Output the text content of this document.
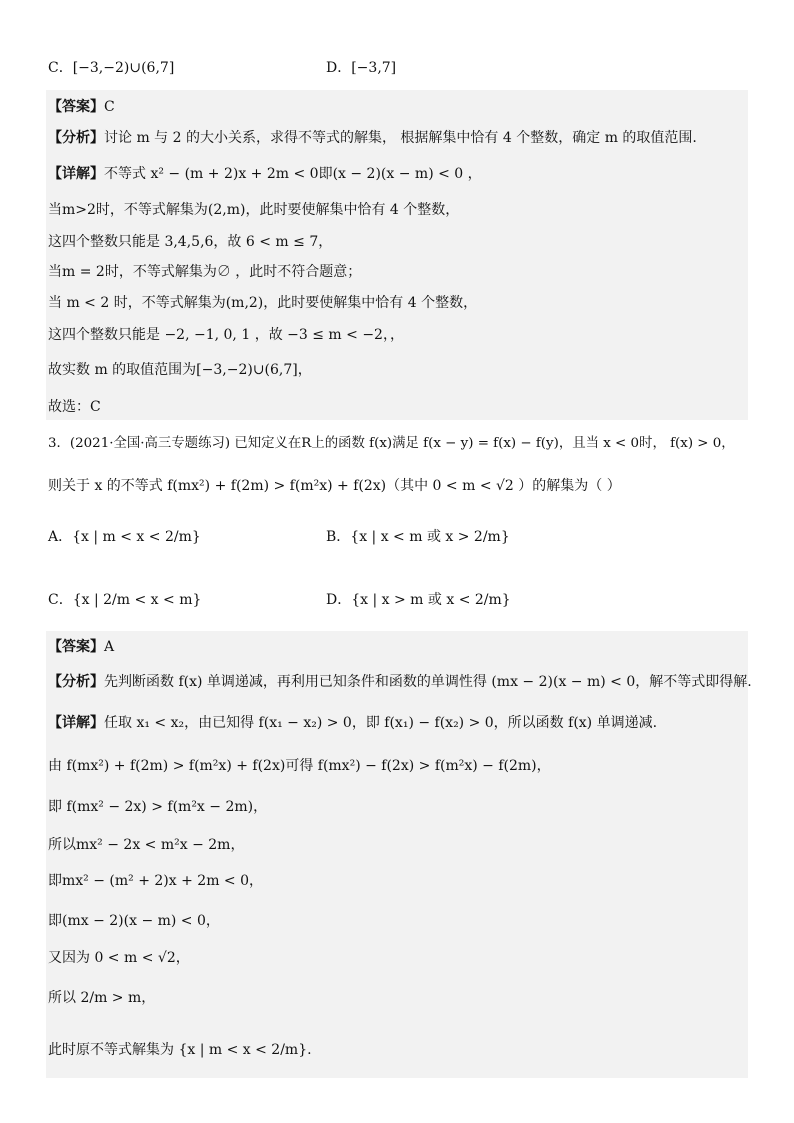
C．[−3,−2)∪(6,7]	D．[−3,7]
【答案】C
【分析】讨论 m 与 2 的大小关系，求得不等式的解集， 根据解集中恰有 4 个整数，确定 m 的取值范围.
【详解】不等式 x² − (m + 2)x + 2m < 0即(x − 2)(x − m) < 0 ，
当m>2时，不等式解集为(2,m)，此时要使解集中恰有 4 个整数，
这四个整数只能是 3,4,5,6，故 6 < m ≤ 7，
当m = 2时，不等式解集为∅ ，此时不符合题意；
当 m < 2 时，不等式解集为(m,2)，此时要使解集中恰有 4 个整数，
这四个整数只能是 −2, −1, 0, 1 ，故 −3 ≤ m < −2，，
故实数 m 的取值范围为[−3,−2)∪(6,7]，
故选：C
3．(2021·全国·高三专题练习) 已知定义在R上的函数 f(x)满足 f(x − y) = f(x) − f(y)，且当 x < 0时， f(x) > 0，
则关于 x 的不等式 f(mx²) + f(2m) > f(m²x) + f(2x)（其中 0 < m < √2 ）的解集为（ ）
A．{x | m < x < 2/m}	B．{x | x < m 或 x > 2/m}
C．{x | 2/m < x < m}	D．{x | x > m 或 x < 2/m}
【答案】A
【分析】先判断函数 f(x) 单调递减，再利用已知条件和函数的单调性得 (mx − 2)(x − m) < 0，解不等式即得解.
【详解】任取 x₁ < x₂，由已知得 f(x₁ − x₂) > 0，即 f(x₁) − f(x₂) > 0，所以函数 f(x) 单调递减.
由 f(mx²) + f(2m) > f(m²x) + f(2x)可得 f(mx²) − f(2x) > f(m²x) − f(2m)，
即 f(mx² − 2x) > f(m²x − 2m)，
所以mx² − 2x < m²x − 2m，
即mx² − (m² + 2)x + 2m < 0，
即(mx − 2)(x − m) < 0，
又因为 0 < m < √2，
所以 2/m > m，
此时原不等式解集为 {x | m < x < 2/m}.
